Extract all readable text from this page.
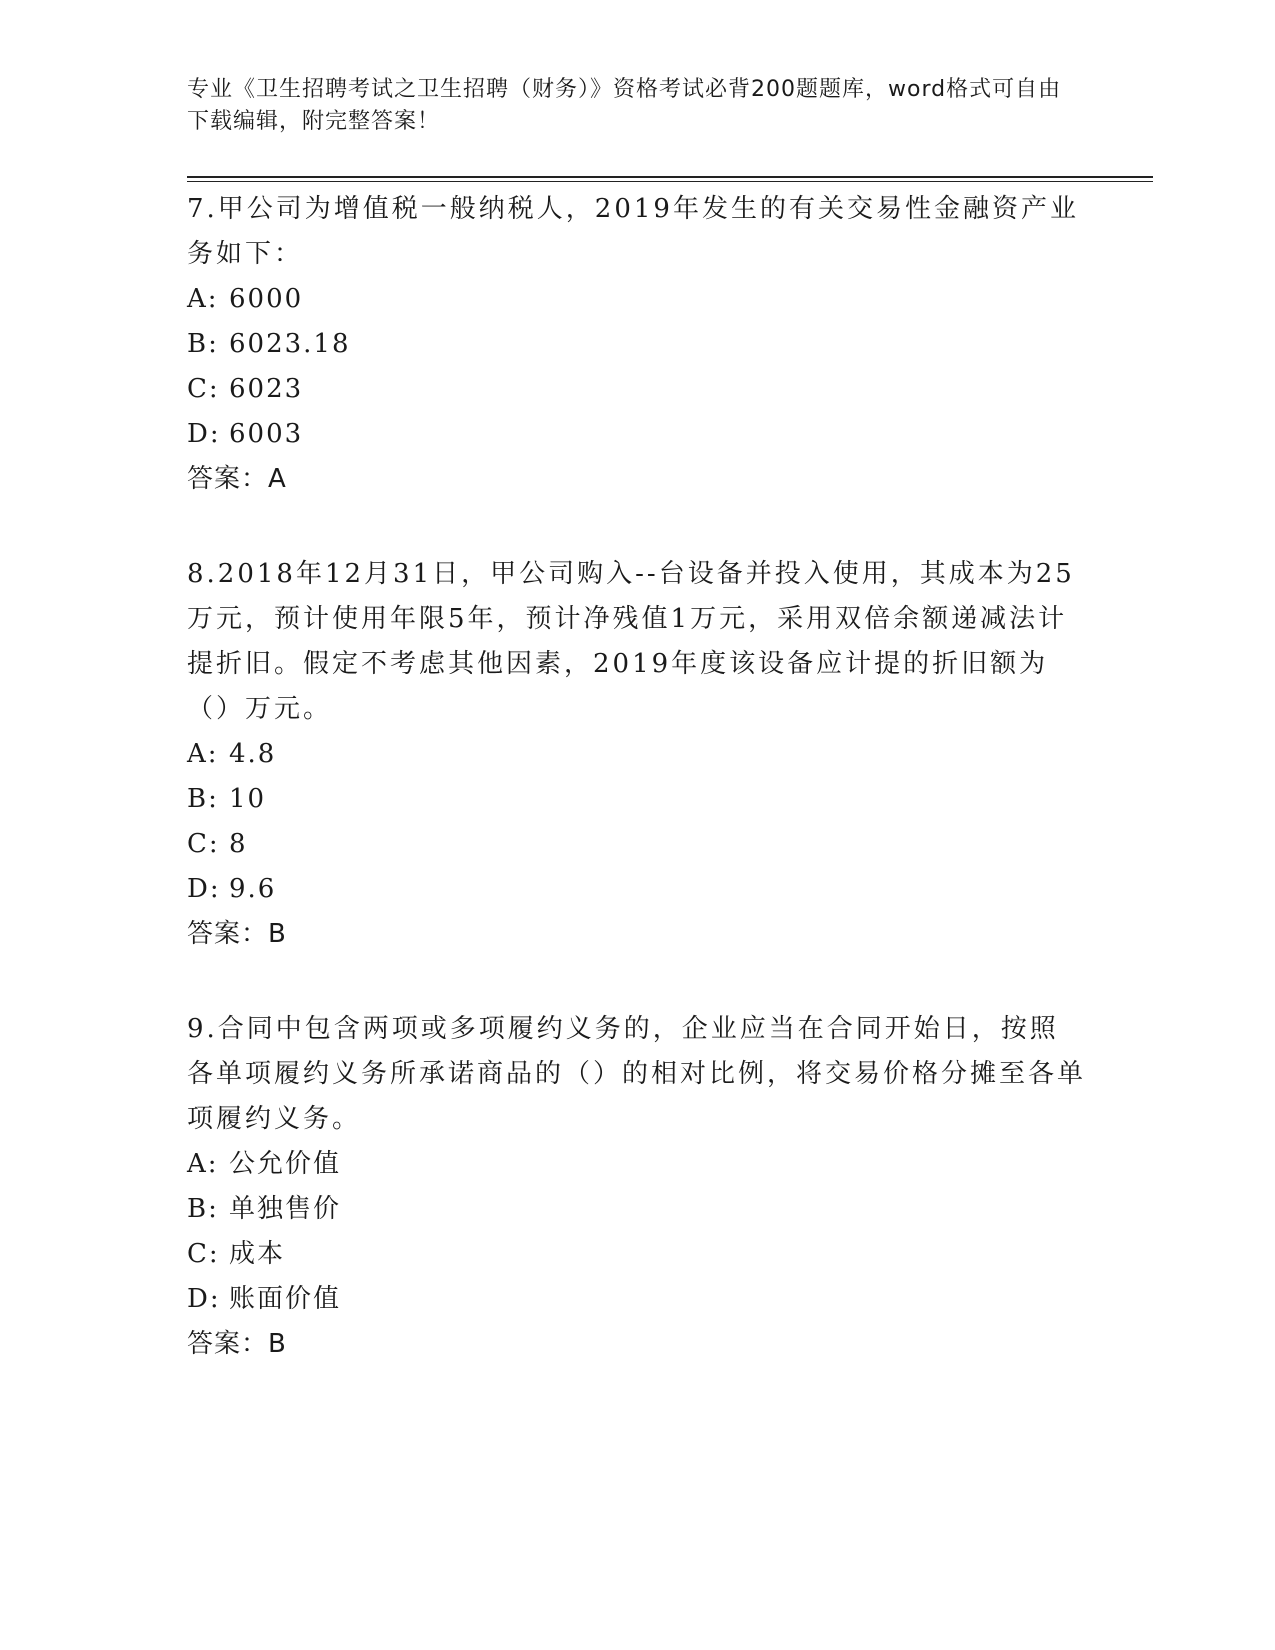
专业《卫生招聘考试之卫生招聘（财务）》资格考试必背200题题库，word格式可自由下载编辑，附完整答案！

7.甲公司为增值税一般纳税人，2019年发生的有关交易性金融资产业务如下：

A: 6000

B: 6023.18

C: 6023

D: 6003

答案：A

8.2018年12月31日，甲公司购入--台设备并投入使用，其成本为25万元，预计使用年限5年，预计净残值1万元，采用双倍余额递减法计提折旧。假定不考虑其他因素，2019年度该设备应计提的折旧额为（）万元。

A: 4.8

B: 10

C: 8

D: 9.6

答案：B

9.合同中包含两项或多项履约义务的，企业应当在合同开始日，按照各单项履约义务所承诺商品的（）的相对比例，将交易价格分摊至各单项履约义务。

A: 公允价值

B: 单独售价

C: 成本

D: 账面价值

答案：B
